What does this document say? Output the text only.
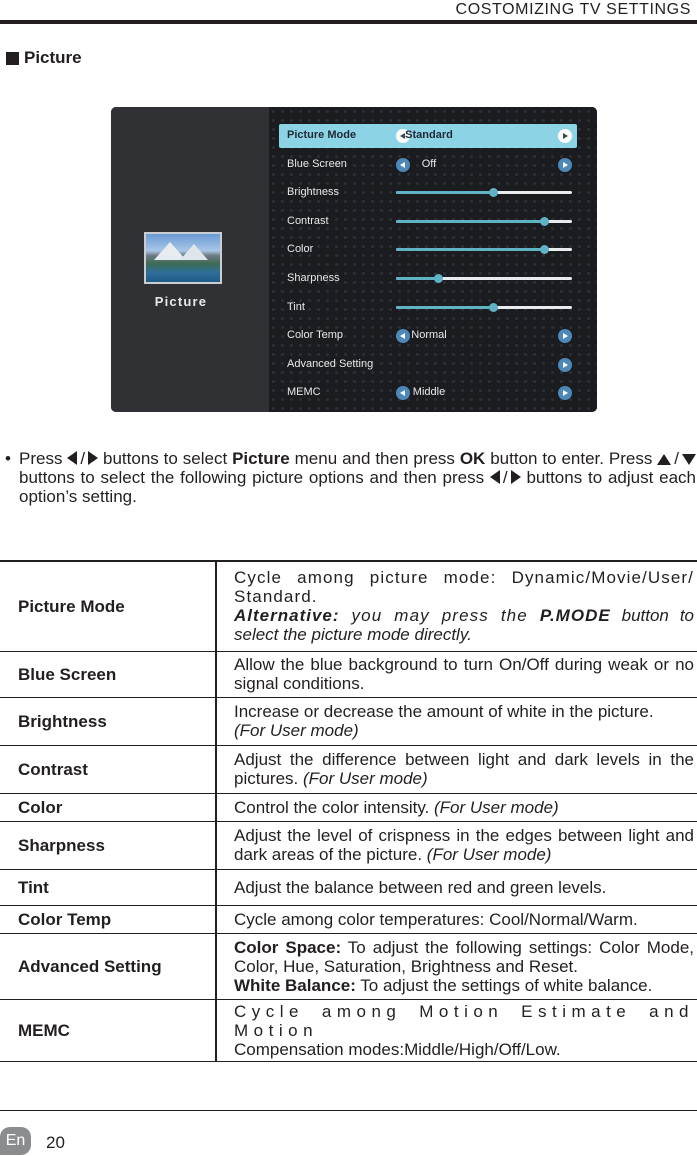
COSTOMIZING TV SETTINGS
Picture
Picture
Picture Mode	Standard
Blue Screen	Off
Brightness
Contrast
Color
Sharpness
Tint
Color Temp	Normal
Advanced Setting
MEMC	Middle
• Press / buttons to select Picture menu and then press OK button to enter. Press / buttons to select the following picture options and then press / buttons to adjust each option’s setting.
Picture Mode	Cycle among picture mode: Dynamic/Movie/User/ Standard.
Alternative: you may press the P.MODE button to select the picture mode directly.
Blue Screen	Allow the blue background to turn On/Off during weak or no signal conditions.
Brightness	Increase or decrease the amount of white in the picture.
(For User mode)
Contrast	Adjust the difference between light and dark levels in the pictures. (For User mode)
Color	Control the color intensity. (For User mode)
Sharpness	Adjust the level of crispness in the edges between light and dark areas of the picture. (For User mode)
Tint	Adjust the balance between red and green levels.
Color Temp	Cycle among color temperatures: Cool/Normal/Warm.
Advanced Setting	Color Space: To adjust the following settings: Color Mode, Color, Hue, Saturation, Brightness and Reset.
White Balance: To adjust the settings of white balance.
MEMC	Cycle among Motion Estimate and Motion
Compensation modes:Middle/High/Off/Low.
En	20
